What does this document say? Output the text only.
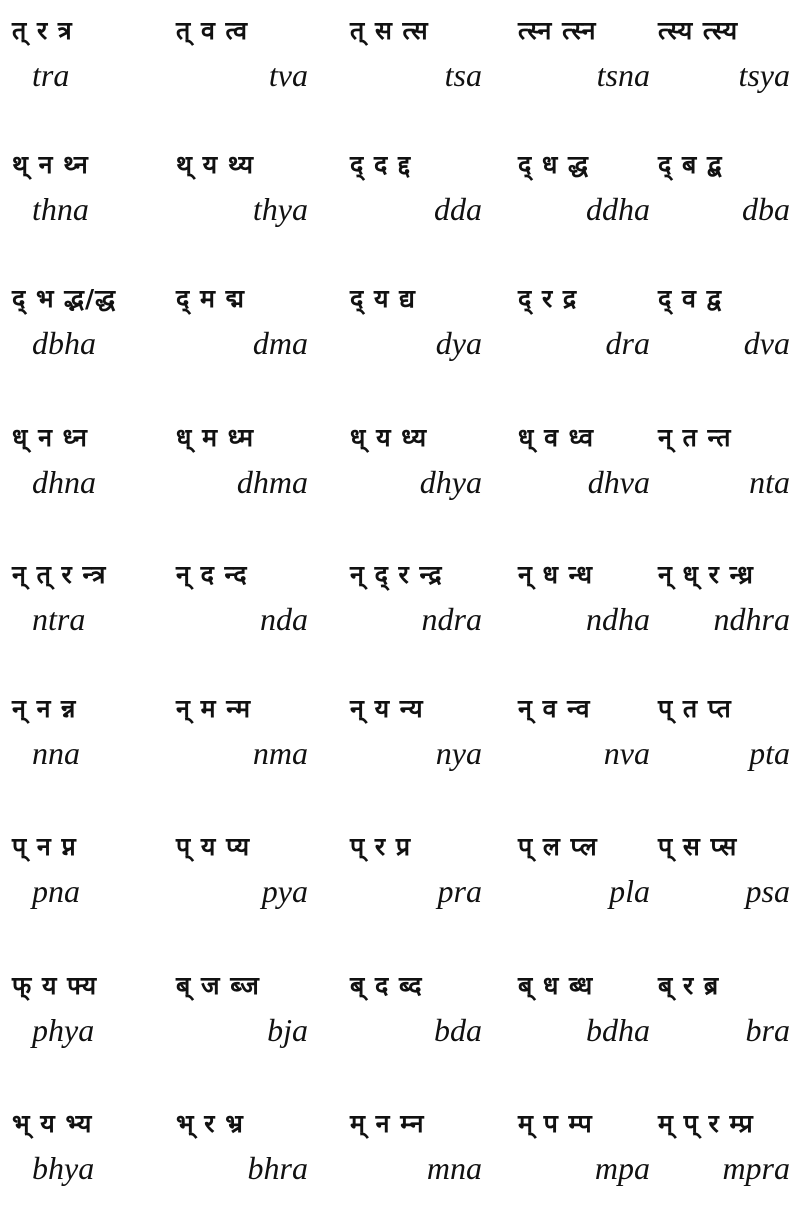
त् र त्र
tra
त् व त्व
tva
त् स त्स
tsa
त्स्न त्स्न
tsna
त्स्य त्स्य
tsya
थ् न थ्न
thna
थ् य थ्य
thya
द् द द्द
dda
द् ध द्ध
ddha
द् ब द्ब
dba
द् भ द्भ/द्ध
dbha
द् म द्म
dma
द् य द्य
dya
द् र द्र
dra
द् व द्व
dva
ध् न ध्न
dhna
ध् म ध्म
dhma
ध् य ध्य
dhya
ध् व ध्व
dhva
न् त न्त
nta
न् त् र न्त्र
ntra
न् द न्द
nda
न् द् र न्द्र
ndra
न् ध न्ध
ndha
न् ध् र न्ध्र
ndhra
न् न न्न
nna
न् म न्म
nma
न् य न्य
nya
न् व न्व
nva
प् त प्त
pta
प् न प्न
pna
प् य प्य
pya
प् र प्र
pra
प् ल प्ल
pla
प् स प्स
psa
फ् य फ्य
phya
ब् ज ब्ज
bja
ब् द ब्द
bda
ब् ध ब्ध
bdha
ब् र ब्र
bra
भ् य भ्य
bhya
भ् र भ्र
bhra
म् न म्न
mna
म् प म्प
mpa
म् प् र म्प्र
mpra
